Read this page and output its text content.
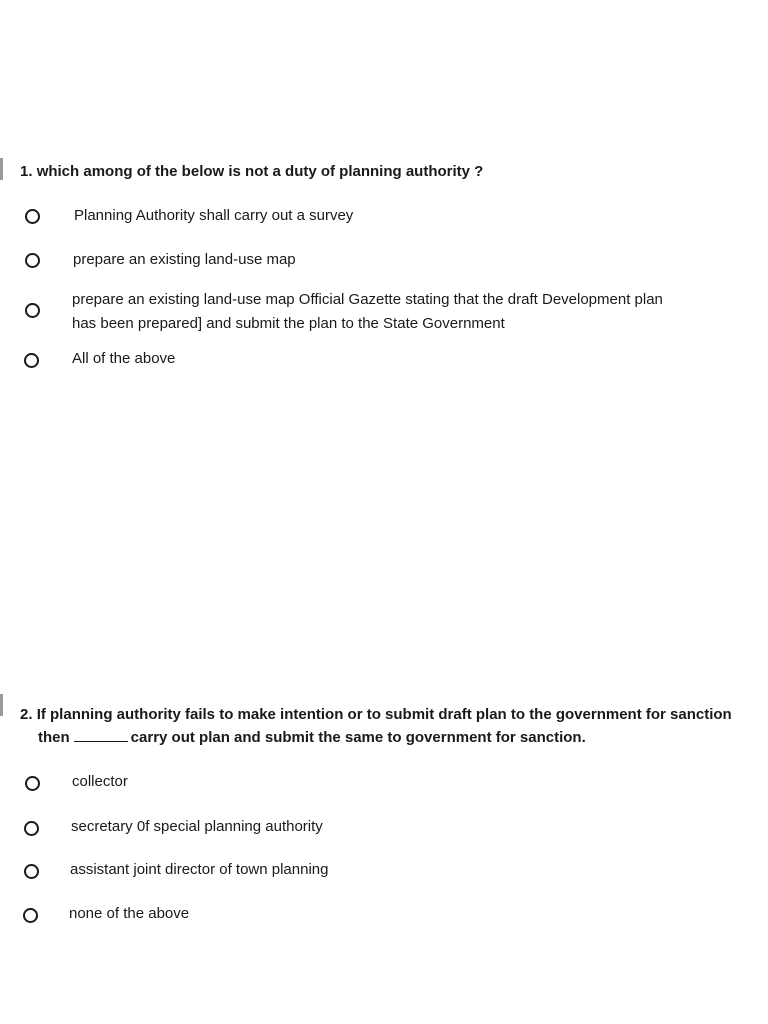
1. which among of the below is not a duty of planning authority ?

Planning Authority shall carry out a survey

prepare an existing land-use map

prepare an existing land-use map Official Gazette stating that the draft Development plan
has been prepared] and submit the plan to the State Government

All of the above

2. If planning authority fails to make intention or to submit draft plan to the government for sanction
then	carry out plan and submit the same to government for sanction.

collector

secretary 0f special planning authority

assistant joint director of town planning

none of the above
